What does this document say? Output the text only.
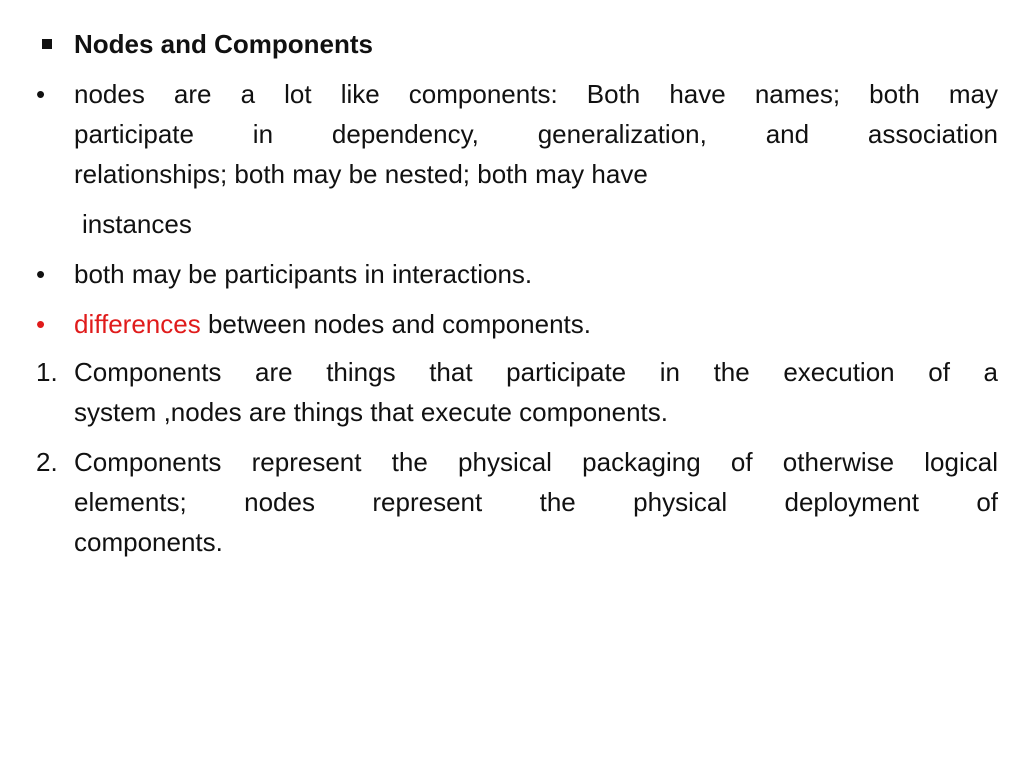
Nodes and Components
•	nodes are a lot like components: Both have names; both may
participate in dependency, generalization, and association
relationships; both may be nested; both may have
instances
•	both may be participants in interactions.
•	differences between nodes and components.
1. Components are things that participate in the execution of a
system ,nodes are things that execute components.
2. Components represent the physical packaging of otherwise logical
elements; nodes represent the physical deployment of
components.
